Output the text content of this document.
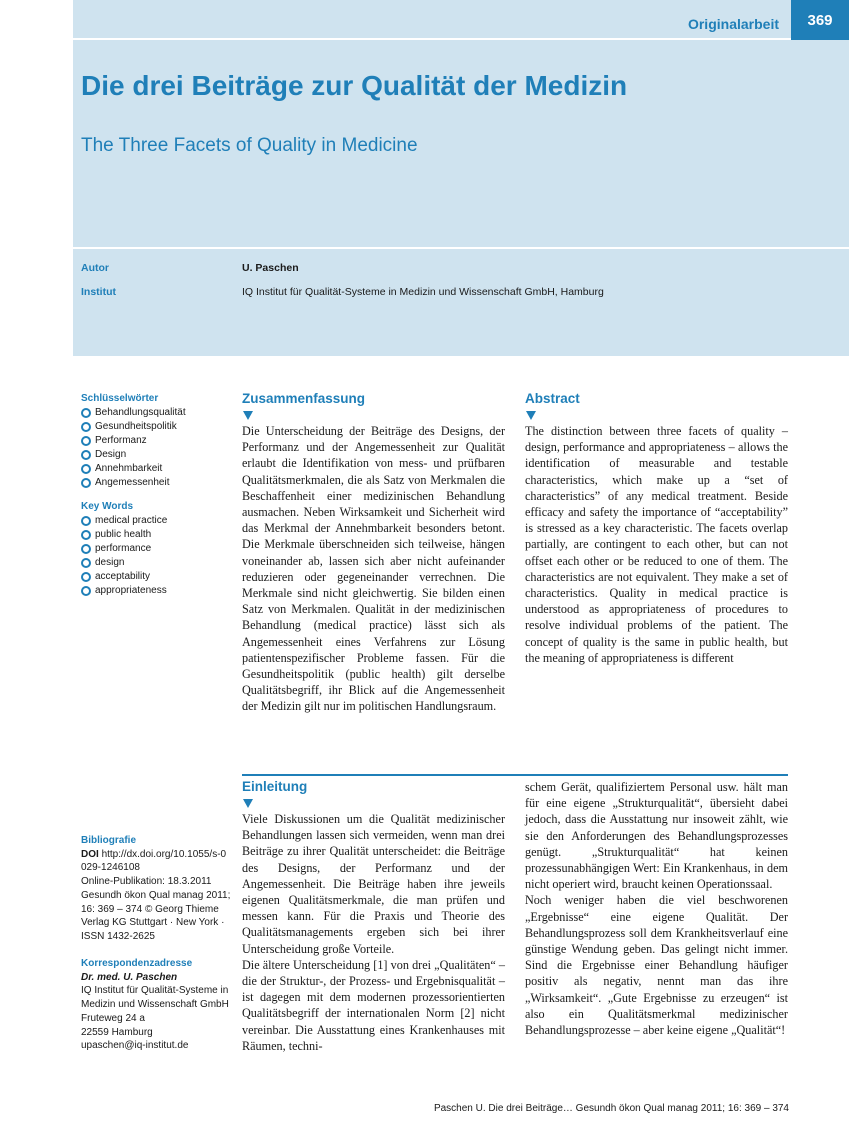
Originalarbeit	369
Die drei Beiträge zur Qualität der Medizin
The Three Facets of Quality in Medicine
Autor	U. Paschen
Institut	IQ Institut für Qualität-Systeme in Medizin und Wissenschaft GmbH, Hamburg
Schlüsselwörter
Behandlungsqualität
Gesundheitspolitik
Performanz
Design
Annehmbarkeit
Angemessenheit
Key Words
medical practice
public health
performance
design
acceptability
appropriateness
Zusammenfassung

Die Unterscheidung der Beiträge des Designs, der Performanz und der Angemessenheit zur Qualität erlaubt die Identifikation von mess- und prüfbaren Qualitätsmerkmalen, die als Satz von Merkmalen die Beschaffenheit einer medizinischen Behandlung ausmachen. Neben Wirksamkeit und Sicherheit wird das Merkmal der Annehmbarkeit besonders betont. Die Merkmale überschneiden sich teilweise, hängen voneinander ab, lassen sich aber nicht aufeinander reduzieren oder gegeneinander verrechnen. Die Merkmale sind nicht gleichwertig. Sie bilden einen Satz von Merkmalen. Qualität in der medizinischen Behandlung (medical practice) lässt sich als Angemessenheit eines Verfahrens zur Lösung patientenspezifischer Probleme fassen. Für die Gesundheitspolitik (public health) gilt derselbe Qualitätsbegriff, ihr Blick auf die Angemessenheit der Medizin gilt nur im politischen Handlungsraum.

Abstract

The distinction between three facets of quality – design, performance and appropriateness – allows the identification of measurable and testable characteristics, which make up a “set of characteristics” of any medical treatment. Beside efficacy and safety the importance of “acceptability” is stressed as a key characteristic. The facets overlap partially, are contingent to each other, but can not offset each other or be reduced to one of them. The characteristics are not equivalent. They make a set of characteristics. Quality in medical practice is understood as appropriateness of procedures to resolve individual problems of the patient. The concept of quality is the same in public health, but the meaning of appropriateness is different

Einleitung

Viele Diskussionen um die Qualität medizinischer Behandlungen lassen sich vermeiden, wenn man drei Beiträge zu ihrer Qualität unterscheidet: die Beiträge des Designs, der Performanz und der Angemessenheit. Die Beiträge haben ihre jeweils eigenen Qualitätsmerkmale, die man prüfen und messen kann. Für die Praxis und Theorie des Qualitätsmanagements ergeben sich bei ihrer Unterscheidung große Vorteile.

Die ältere Unterscheidung [1] von drei „Qualitäten“ – die der Struktur-, der Prozess- und Ergebnisqualität – ist dagegen mit dem modernen prozessorientierten Qualitätsbegriff der internationalen Norm [2] nicht vereinbar. Die Ausstattung eines Krankenhauses mit Räumen, techni-

schem Gerät, qualifiziertem Personal usw. hält man für eine eigene „Strukturqualität“, übersieht dabei jedoch, dass die Ausstattung nur insoweit zählt, wie sie den Anforderungen des Behandlungsprozesses genügt. „Strukturqualität“ hat keinen prozessunabhängigen Wert: Ein Krankenhaus, in dem nicht operiert wird, braucht keinen Operationssaal.

Noch weniger haben die viel beschworenen „Ergebnisse“ eine eigene Qualität. Der Behandlungsprozess soll dem Krankheitsverlauf eine günstige Wendung geben. Das gelingt nicht immer. Sind die Ergebnisse einer Behandlung häufiger positiv als negativ, nennt man das ihre „Wirksamkeit“. „Gute Ergebnisse zu erzeugen“ ist also ein Qualitätsmerkmal medizinischer Behandlungsprozesse – aber keine eigene „Qualität“!

Bibliografie
DOI http://dx.doi.org/10.1055/s-0029-1246108
Online-Publikation: 18.3.2011
Gesundh ökon Qual manag 2011; 16: 369 – 374 © Georg Thieme Verlag KG Stuttgart · New York · ISSN 1432-2625
Korrespondenzadresse
Dr. med. U. Paschen
IQ Institut für Qualität-Systeme in Medizin und Wissenschaft GmbH
Fruteweg 24 a
22559 Hamburg
upaschen@iq-institut.de
Paschen U. Die drei Beiträge… Gesundh ökon Qual manag 2011; 16: 369 – 374
